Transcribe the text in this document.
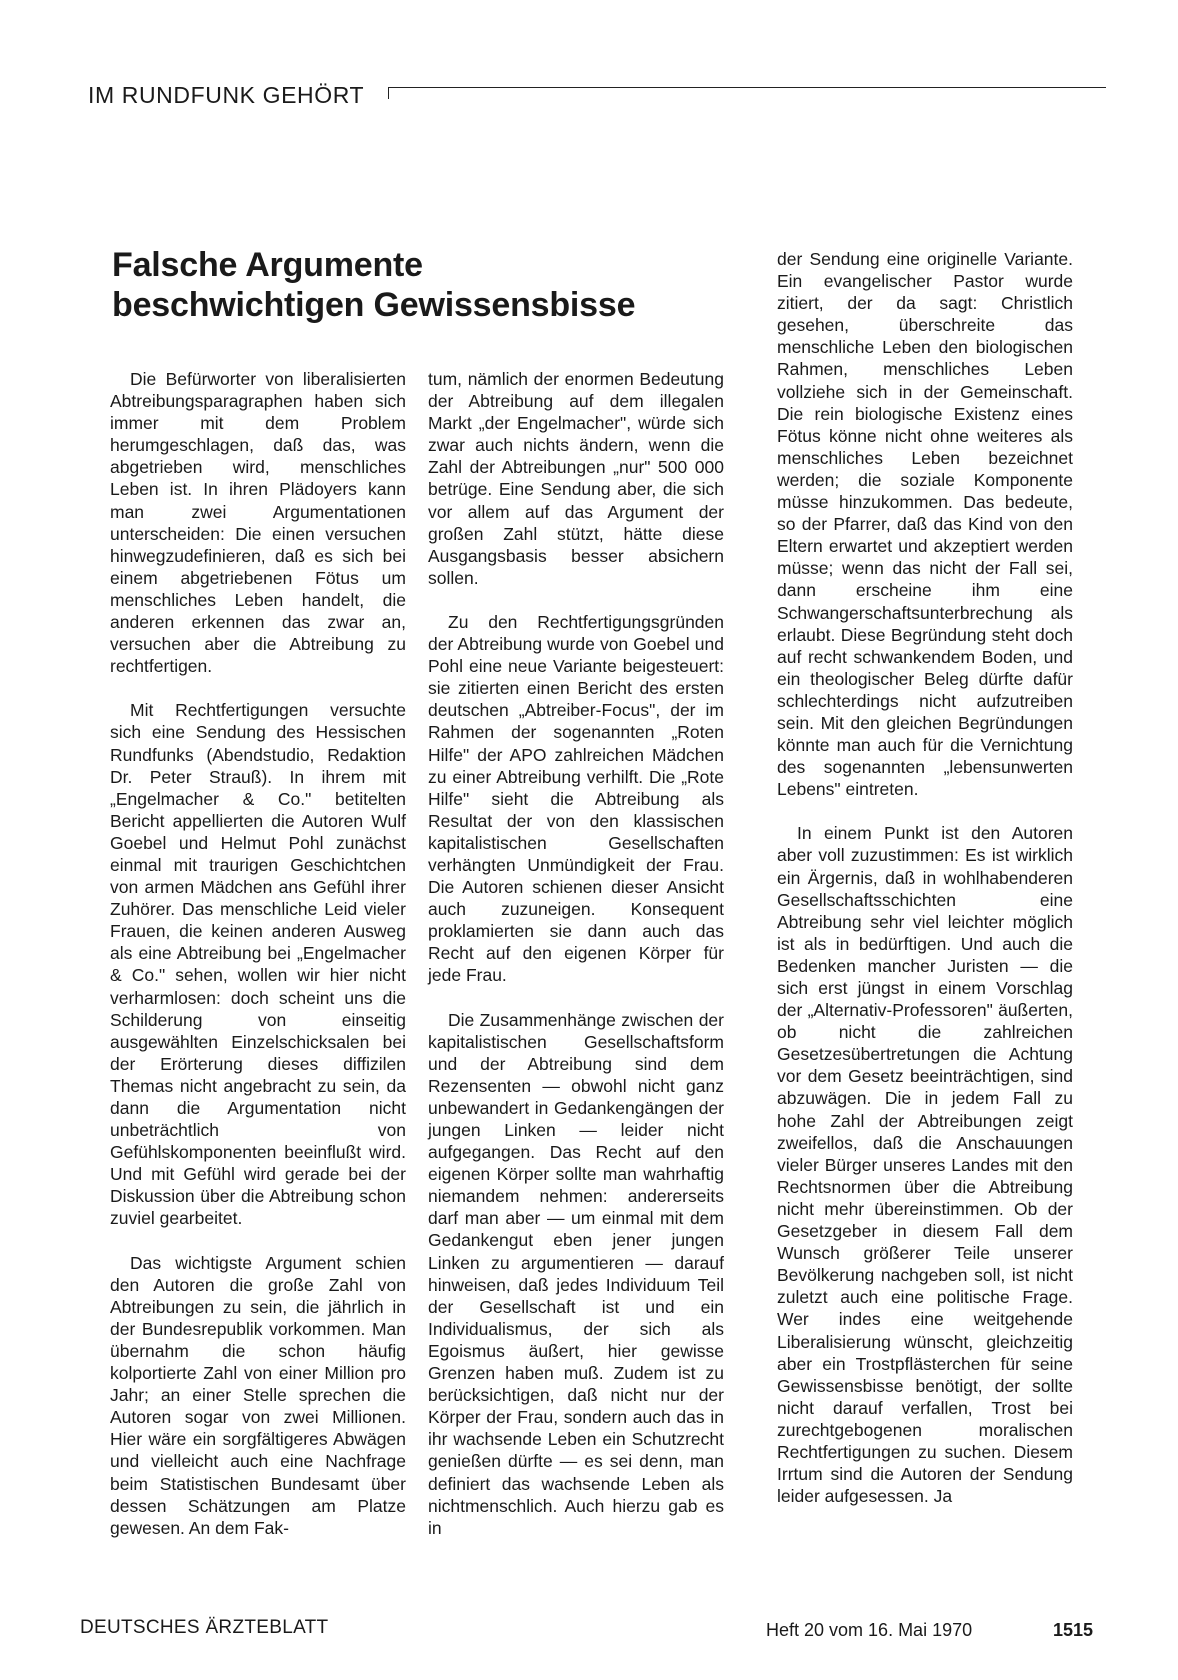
IM RUNDFUNK GEHÖRT
Falsche Argumente
beschwichtigen Gewissensbisse

Die Befürworter von liberalisierten Abtreibungsparagraphen haben sich immer mit dem Problem herumgeschlagen, daß das, was abgetrieben wird, menschliches Leben ist. In ihren Plädoyers kann man zwei Argumentationen unterscheiden: Die einen versuchen hinwegzudefinieren, daß es sich bei einem abgetriebenen Fötus um menschliches Leben handelt, die anderen erkennen das zwar an, versuchen aber die Abtreibung zu rechtfertigen.

Mit Rechtfertigungen versuchte sich eine Sendung des Hessischen Rundfunks (Abendstudio, Redaktion Dr. Peter Strauß). In ihrem mit „Engelmacher & Co." betitelten Bericht appellierten die Autoren Wulf Goebel und Helmut Pohl zunächst einmal mit traurigen Geschichtchen von armen Mädchen ans Gefühl ihrer Zuhörer. Das menschliche Leid vieler Frauen, die keinen anderen Ausweg als eine Abtreibung bei „Engelmacher & Co." sehen, wollen wir hier nicht verharmlosen: doch scheint uns die Schilderung von einseitig ausgewählten Einzelschicksalen bei der Erörterung dieses diffizilen Themas nicht angebracht zu sein, da dann die Argumentation nicht unbeträchtlich von Gefühlskomponenten beeinflußt wird. Und mit Gefühl wird gerade bei der Diskussion über die Abtreibung schon zuviel gearbeitet.

Das wichtigste Argument schien den Autoren die große Zahl von Abtreibungen zu sein, die jährlich in der Bundesrepublik vorkommen. Man übernahm die schon häufig kolportierte Zahl von einer Million pro Jahr; an einer Stelle sprechen die Autoren sogar von zwei Millionen. Hier wäre ein sorgfältigeres Abwägen und vielleicht auch eine Nachfrage beim Statistischen Bundesamt über dessen Schätzungen am Platze gewesen. An dem Fak-

tum, nämlich der enormen Bedeutung der Abtreibung auf dem illegalen Markt „der Engelmacher", würde sich zwar auch nichts ändern, wenn die Zahl der Abtreibungen „nur" 500 000 betrüge. Eine Sendung aber, die sich vor allem auf das Argument der großen Zahl stützt, hätte diese Ausgangsbasis besser absichern sollen.

Zu den Rechtfertigungsgründen der Abtreibung wurde von Goebel und Pohl eine neue Variante beigesteuert: sie zitierten einen Bericht des ersten deutschen „Abtreiber-Focus", der im Rahmen der sogenannten „Roten Hilfe" der APO zahlreichen Mädchen zu einer Abtreibung verhilft. Die „Rote Hilfe" sieht die Abtreibung als Resultat der von den klassischen kapitalistischen Gesellschaften verhängten Unmündigkeit der Frau. Die Autoren schienen dieser Ansicht auch zuzuneigen. Konsequent proklamierten sie dann auch das Recht auf den eigenen Körper für jede Frau.

Die Zusammenhänge zwischen der kapitalistischen Gesellschaftsform und der Abtreibung sind dem Rezensenten — obwohl nicht ganz unbewandert in Gedankengängen der jungen Linken — leider nicht aufgegangen. Das Recht auf den eigenen Körper sollte man wahrhaftig niemandem nehmen: andererseits darf man aber — um einmal mit dem Gedankengut eben jener jungen Linken zu argumentieren — darauf hinweisen, daß jedes Individuum Teil der Gesellschaft ist und ein Individualismus, der sich als Egoismus äußert, hier gewisse Grenzen haben muß. Zudem ist zu berücksichtigen, daß nicht nur der Körper der Frau, sondern auch das in ihr wachsende Leben ein Schutzrecht genießen dürfte — es sei denn, man definiert das wachsende Leben als nichtmenschlich. Auch hierzu gab es in

der Sendung eine originelle Variante. Ein evangelischer Pastor wurde zitiert, der da sagt: Christlich gesehen, überschreite das menschliche Leben den biologischen Rahmen, menschliches Leben vollziehe sich in der Gemeinschaft. Die rein biologische Existenz eines Fötus könne nicht ohne weiteres als menschliches Leben bezeichnet werden; die soziale Komponente müsse hinzukommen. Das bedeute, so der Pfarrer, daß das Kind von den Eltern erwartet und akzeptiert werden müsse; wenn das nicht der Fall sei, dann erscheine ihm eine Schwangerschaftsunterbrechung als erlaubt. Diese Begründung steht doch auf recht schwankendem Boden, und ein theologischer Beleg dürfte dafür schlechterdings nicht aufzutreiben sein. Mit den gleichen Begründungen könnte man auch für die Vernichtung des sogenannten „lebensunwerten Lebens" eintreten.

In einem Punkt ist den Autoren aber voll zuzustimmen: Es ist wirklich ein Ärgernis, daß in wohlhabenderen Gesellschaftsschichten eine Abtreibung sehr viel leichter möglich ist als in bedürftigen. Und auch die Bedenken mancher Juristen — die sich erst jüngst in einem Vorschlag der „Alternativ-Professoren" äußerten, ob nicht die zahlreichen Gesetzesübertretungen die Achtung vor dem Gesetz beeinträchtigen, sind abzuwägen. Die in jedem Fall zu hohe Zahl der Abtreibungen zeigt zweifellos, daß die Anschauungen vieler Bürger unseres Landes mit den Rechtsnormen über die Abtreibung nicht mehr übereinstimmen. Ob der Gesetzgeber in diesem Fall dem Wunsch größerer Teile unserer Bevölkerung nachgeben soll, ist nicht zuletzt auch eine politische Frage. Wer indes eine weitgehende Liberalisierung wünscht, gleichzeitig aber ein Trostpflästerchen für seine Gewissensbisse benötigt, der sollte nicht darauf verfallen, Trost bei zurechtgebogenen moralischen Rechtfertigungen zu suchen. Diesem Irrtum sind die Autoren der Sendung leider aufgesessen. Ja

DEUTSCHES ÄRZTEBLATT	Heft 20 vom 16. Mai 1970	1515
